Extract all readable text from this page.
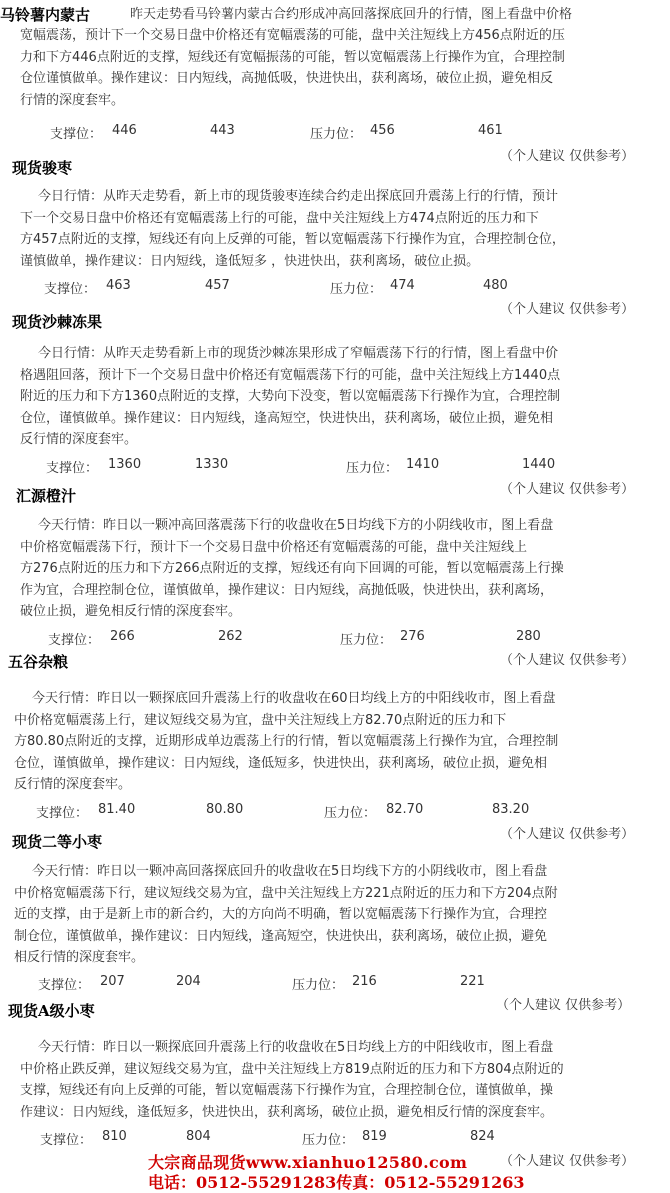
马铃薯内蒙古	昨天走势看马铃薯内蒙古合约形成冲高回落探底回升的行情，图上看盘中价格
宽幅震荡，预计下一个交易日盘中价格还有宽幅震荡的可能，盘中关注短线上方456点附近的压
力和下方446点附近的支撑，短线还有宽幅振荡的可能，暂以宽幅震荡上行操作为宜，合理控制
仓位谨慎做单。操作建议：日内短线，高抛低吸，快进快出，获利离场，破位止损，避免相反
行情的深度套牢。
支撑位： 446	443	压力位： 456	461
（个人建议 仅供参考）
现货骏枣
今日行情：从昨天走势看，新上市的现货骏枣连续合约走出探底回升震荡上行的行情，预计
下一个交易日盘中价格还有宽幅震荡上行的可能，盘中关注短线上方474点附近的压力和下
方457点附近的支撑，短线还有向上反弹的可能，暂以宽幅震荡下行操作为宜，合理控制仓位，
谨慎做单，操作建议：日内短线，逢低短多 ，快进快出，获利离场，破位止损。
支撑位： 463	457	压力位： 474	480
（个人建议 仅供参考）
现货沙棘冻果
今日行情：从昨天走势看新上市的现货沙棘冻果形成了窄幅震荡下行的行情，图上看盘中价
格遇阻回落，预计下一个交易日盘中价格还有宽幅震荡下行的可能，盘中关注短线上方1440点
附近的压力和下方1360点附近的支撑，大势向下没变，暂以宽幅震荡下行操作为宜，合理控制
仓位，谨慎做单。操作建议：日内短线，逢高短空，快进快出，获利离场，破位止损，避免相
反行情的深度套牢。
支撑位： 1360	1330	压力位： 1410	1440
（个人建议 仅供参考）
汇源橙汁
今天行情：昨日以一颗冲高回落震荡下行的收盘收在5日均线下方的小阴线收市，图上看盘
中价格宽幅震荡下行，预计下一个交易日盘中价格还有宽幅震荡的可能，盘中关注短线上
方276点附近的压力和下方266点附近的支撑，短线还有向下回调的可能，暂以宽幅震荡上行操
作为宜，合理控制仓位，谨慎做单，操作建议：日内短线，高抛低吸，快进快出，获利离场，
破位止损，避免相反行情的深度套牢。
支撑位： 266	262	压力位： 276	280
（个人建议 仅供参考）
五谷杂粮
今天行情：昨日以一颗探底回升震荡上行的收盘收在60日均线上方的中阳线收市，图上看盘
中价格宽幅震荡上行，建议短线交易为宜，盘中关注短线上方82.70点附近的压力和下
方80.80点附近的支撑，近期形成单边震荡上行的行情，暂以宽幅震荡上行操作为宜，合理控制
仓位，谨慎做单，操作建议：日内短线，逢低短多，快进快出，获利离场，破位止损，避免相
反行情的深度套牢。
支撑位： 81.40	80.80	压力位： 82.70	83.20
（个人建议 仅供参考）
现货二等小枣
今天行情：昨日以一颗冲高回落探底回升的收盘收在5日均线下方的小阴线收市，图上看盘
中价格宽幅震荡下行，建议短线交易为宜，盘中关注短线上方221点附近的压力和下方204点附
近的支撑，由于是新上市的新合约，大的方向尚不明确，暂以宽幅震荡下行操作为宜，合理控
制仓位，谨慎做单，操作建议：日内短线，逢高短空，快进快出，获利离场，破位止损，避免
相反行情的深度套牢。
支撑位： 207	204	压力位： 216	221
（个人建议 仅供参考）
现货A级小枣
今天行情：昨日以一颗探底回升震荡上行的收盘收在5日均线上方的中阳线收市，图上看盘
中价格止跌反弹，建议短线交易为宜，盘中关注短线上方819点附近的压力和下方804点附近的
支撑，短线还有向上反弹的可能，暂以宽幅震荡下行操作为宜，合理控制仓位，谨慎做单，操
作建议：日内短线，逢低短多，快进快出，获利离场，破位止损，避免相反行情的深度套牢。
支撑位： 810	804	压力位： 819	824
（个人建议 仅供参考）
大宗商品现货www.xianhuo12580.com
电话：0512-55291283传真：0512-55291263
